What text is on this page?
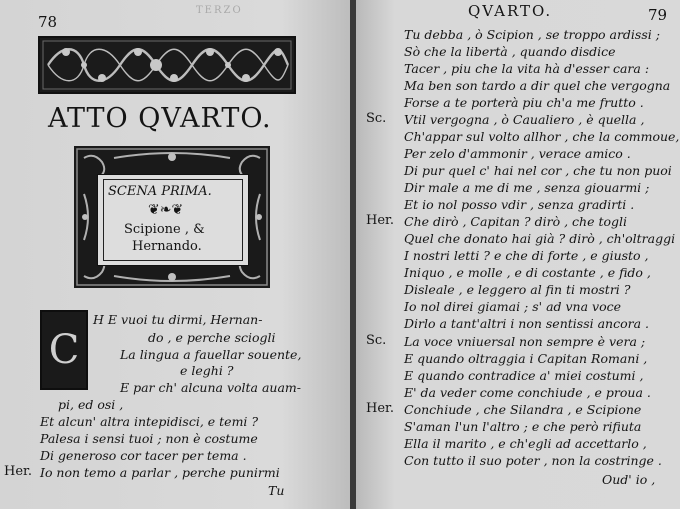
78
TERZO
ATTO QVARTO.
SCENA PRIMA.
❦❧❦
Scipione , &
Hernando.
C
H E vuoi tu dirmi, Hernan-
do , e perche sciogli
La lingua a fauellar souente,
e leghi ?
E par ch' alcuna volta auam-
pi, ed osi ,
Et alcun' altra intepidisci, e temi ?
Palesa i sensi tuoi ; non è costume
Di generoso cor tacer per tema .
Her. Io non temo a parlar , perche punirmi
Tu
QVARTO.	79
Tu debba , ò Scipion , se troppo ardissi ;
Sò che la libertà , quando disdice
Tacer , piu che la vita hà d'esser cara :
Ma ben son tardo a dir quel che vergogna
Forse a te porterà piu ch'a me frutto .
Sc. Vtil vergogna , ò Caualiero , è quella ,
Ch'appar sul volto allhor , che la commoue,
Per zelo d'ammonir , verace amico .
Di pur quel c' hai nel cor , che tu non puoi
Dir male a me di me , senza giouarmi ;
Et io nol posso vdir , senza gradirti .
Her. Che dirò , Capitan ? dirò , che togli
Quel che donato hai già ? dirò , ch'oltraggi
I nostri letti ? e che di forte , e giusto ,
Iniquo , e molle , e di costante , e fido ,
Disleale , e leggero al fin ti mostri ?
Io nol direi giamai ; s' ad vna voce
Dirlo a tant'altri i non sentissi ancora .
Sc. La voce vniuersal non sempre è vera ;
E quando oltraggia i Capitan Romani ,
E quando contradice a' miei costumi ,
E' da veder come conchiude , e proua .
Her. Conchiude , che Silandra , e Scipione
S'aman l'un l'altro ; e che però rifiuta
Ella il marito , e ch'egli ad accettarlo ,
Con tutto il suo poter , non la costringe .
Oud' io ,
